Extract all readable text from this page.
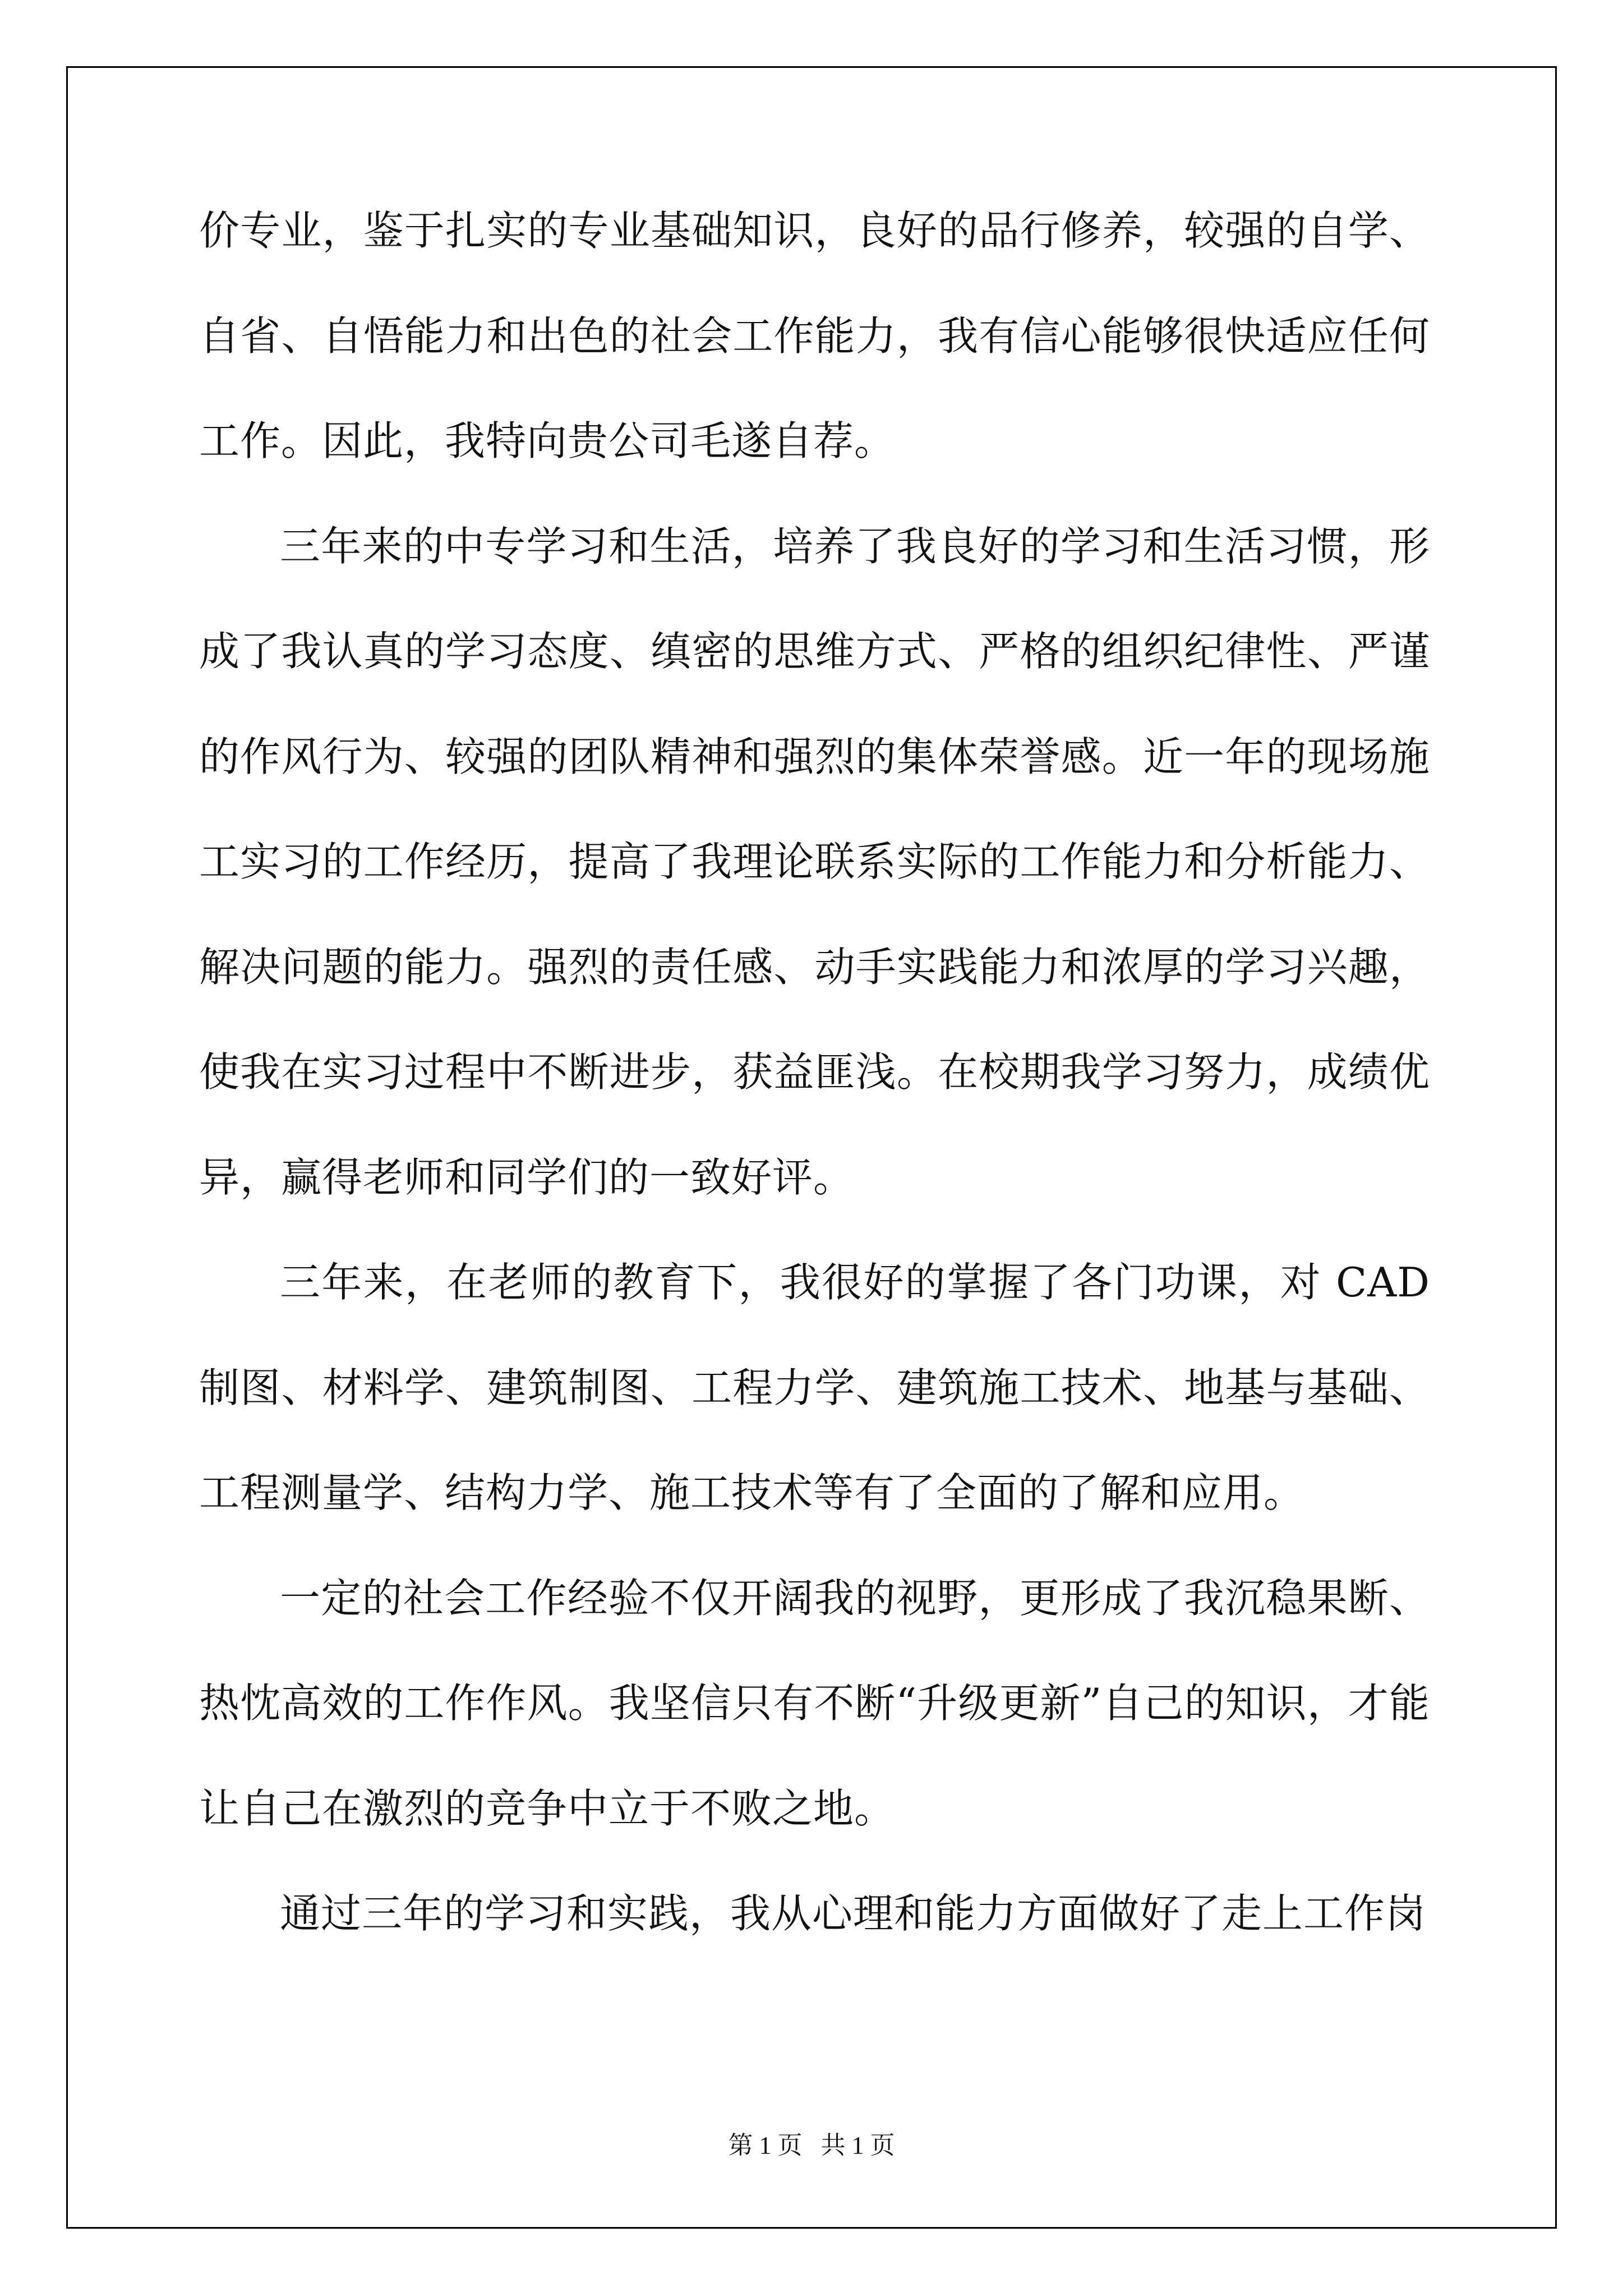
价专业，鉴于扎实的专业基础知识，良好的品行修养，较强的自学、自省、自悟能力和出色的社会工作能力，我有信心能够很快适应任何工作。因此，我特向贵公司毛遂自荐。

三年来的中专学习和生活，培养了我良好的学习和生活习惯，形成了我认真的学习态度、缜密的思维方式、严格的组织纪律性、严谨的作风行为、较强的团队精神和强烈的集体荣誉感。近一年的现场施工实习的工作经历，提高了我理论联系实际的工作能力和分析能力、解决问题的能力。强烈的责任感、动手实践能力和浓厚的学习兴趣，使我在实习过程中不断进步，获益匪浅。在校期我学习努力，成绩优异，赢得老师和同学们的一致好评。

三年来，在老师的教育下，我很好的掌握了各门功课，对 CAD 制图、材料学、建筑制图、工程力学、建筑施工技术、地基与基础、工程测量学、结构力学、施工技术等有了全面的了解和应用。

一定的社会工作经验不仅开阔我的视野，更形成了我沉稳果断、热忱高效的工作作风。我坚信只有不断“升级更新”自己的知识，才能让自己在激烈的竞争中立于不败之地。

通过三年的学习和实践，我从心理和能力方面做好了走上工作岗

第 1 页   共 1 页
